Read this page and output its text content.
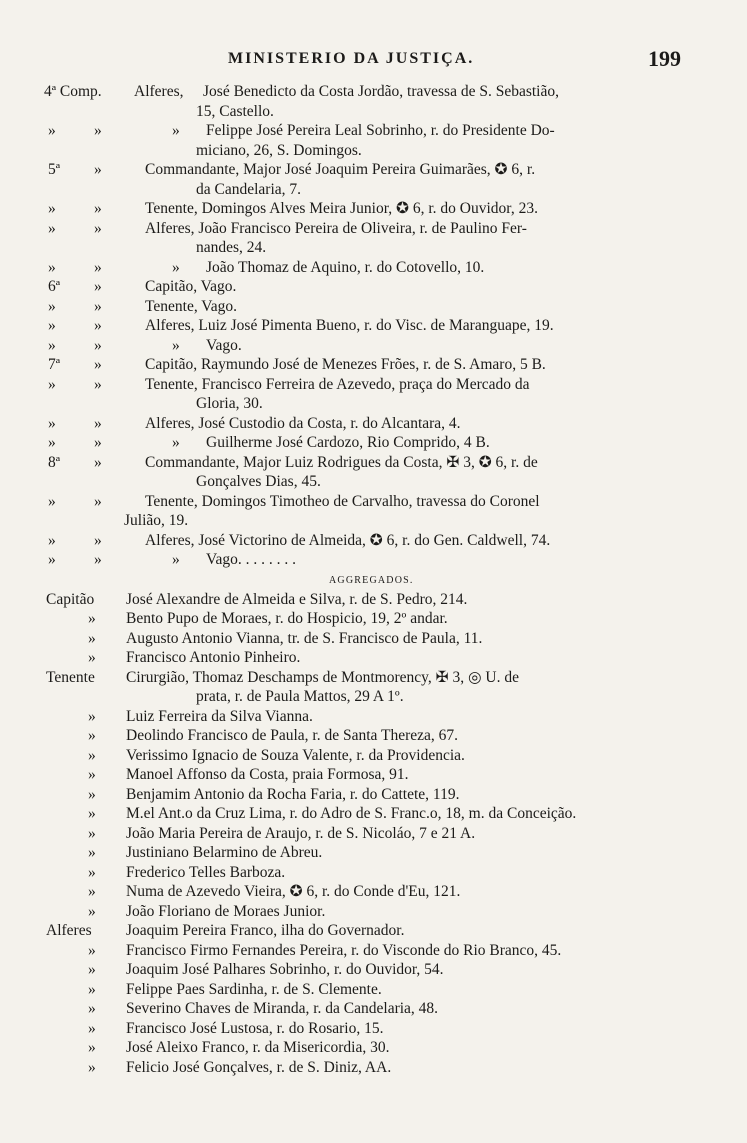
MINISTERIO DA JUSTIÇA.	199
4ª Comp.	Alferes, José Benedicto da Costa Jordão, travessa de S. Sebastião,
15, Castello.
»	»	» Felippe José Pereira Leal Sobrinho, r. do Presidente Do-
miciano, 26, S. Domingos.
5ª	»	Commandante, Major José Joaquim Pereira Guimarães, ✪ 6, r.
da Candelaria, 7.
»	»	Tenente, Domingos Alves Meira Junior, ✪ 6, r. do Ouvidor, 23.
»	»	Alferes, João Francisco Pereira de Oliveira, r. de Paulino Fer-
nandes, 24.
»	»	» João Thomaz de Aquino, r. do Cotovello, 10.
6ª	»	Capitão, Vago.
»	»	Tenente, Vago.
»	»	Alferes, Luiz José Pimenta Bueno, r. do Visc. de Maranguape, 19.
»	»	» Vago.
7ª	»	Capitão, Raymundo José de Menezes Frões, r. de S. Amaro, 5 B.
»	»	Tenente, Francisco Ferreira de Azevedo, praça do Mercado da
Gloria, 30.
»	»	Alferes, José Custodio da Costa, r. do Alcantara, 4.
»	»	» Guilherme José Cardozo, Rio Comprido, 4 B.
8ª	»	Commandante, Major Luiz Rodrigues da Costa, ✠ 3, ✪ 6, r. de
Gonçalves Dias, 45.
»	»	Tenente, Domingos Timotheo de Carvalho, travessa do Coronel
Julião, 19.
»	»	Alferes, José Victorino de Almeida, ✪ 6, r. do Gen. Caldwell, 74.
»	»	» Vago. . . . . . . .
AGGREGADOS.
Capitão José Alexandre de Almeida e Silva, r. de S. Pedro, 214.
» Bento Pupo de Moraes, r. do Hospicio, 19, 2º andar.
» Augusto Antonio Vianna, tr. de S. Francisco de Paula, 11.
» Francisco Antonio Pinheiro.
Tenente Cirurgião, Thomaz Deschamps de Montmorency, ✠ 3, ◎ U. de
prata, r. de Paula Mattos, 29 A 1º.
» Luiz Ferreira da Silva Vianna.
» Deolindo Francisco de Paula, r. de Santa Thereza, 67.
» Verissimo Ignacio de Souza Valente, r. da Providencia.
» Manoel Affonso da Costa, praia Formosa, 91.
» Benjamim Antonio da Rocha Faria, r. do Cattete, 119.
» M.el Ant.o da Cruz Lima, r. do Adro de S. Franc.o, 18, m. da Conceição.
» João Maria Pereira de Araujo, r. de S. Nicoláo, 7 e 21 A.
» Justiniano Belarmino de Abreu.
» Frederico Telles Barboza.
» Numa de Azevedo Vieira, ✪ 6, r. do Conde d'Eu, 121.
» João Floriano de Moraes Junior.
Alferes Joaquim Pereira Franco, ilha do Governador.
» Francisco Firmo Fernandes Pereira, r. do Visconde do Rio Branco, 45.
» Joaquim José Palhares Sobrinho, r. do Ouvidor, 54.
» Felippe Paes Sardinha, r. de S. Clemente.
» Severino Chaves de Miranda, r. da Candelaria, 48.
» Francisco José Lustosa, r. do Rosario, 15.
» José Aleixo Franco, r. da Misericordia, 30.
» Felicio José Gonçalves, r. de S. Diniz, AA.
